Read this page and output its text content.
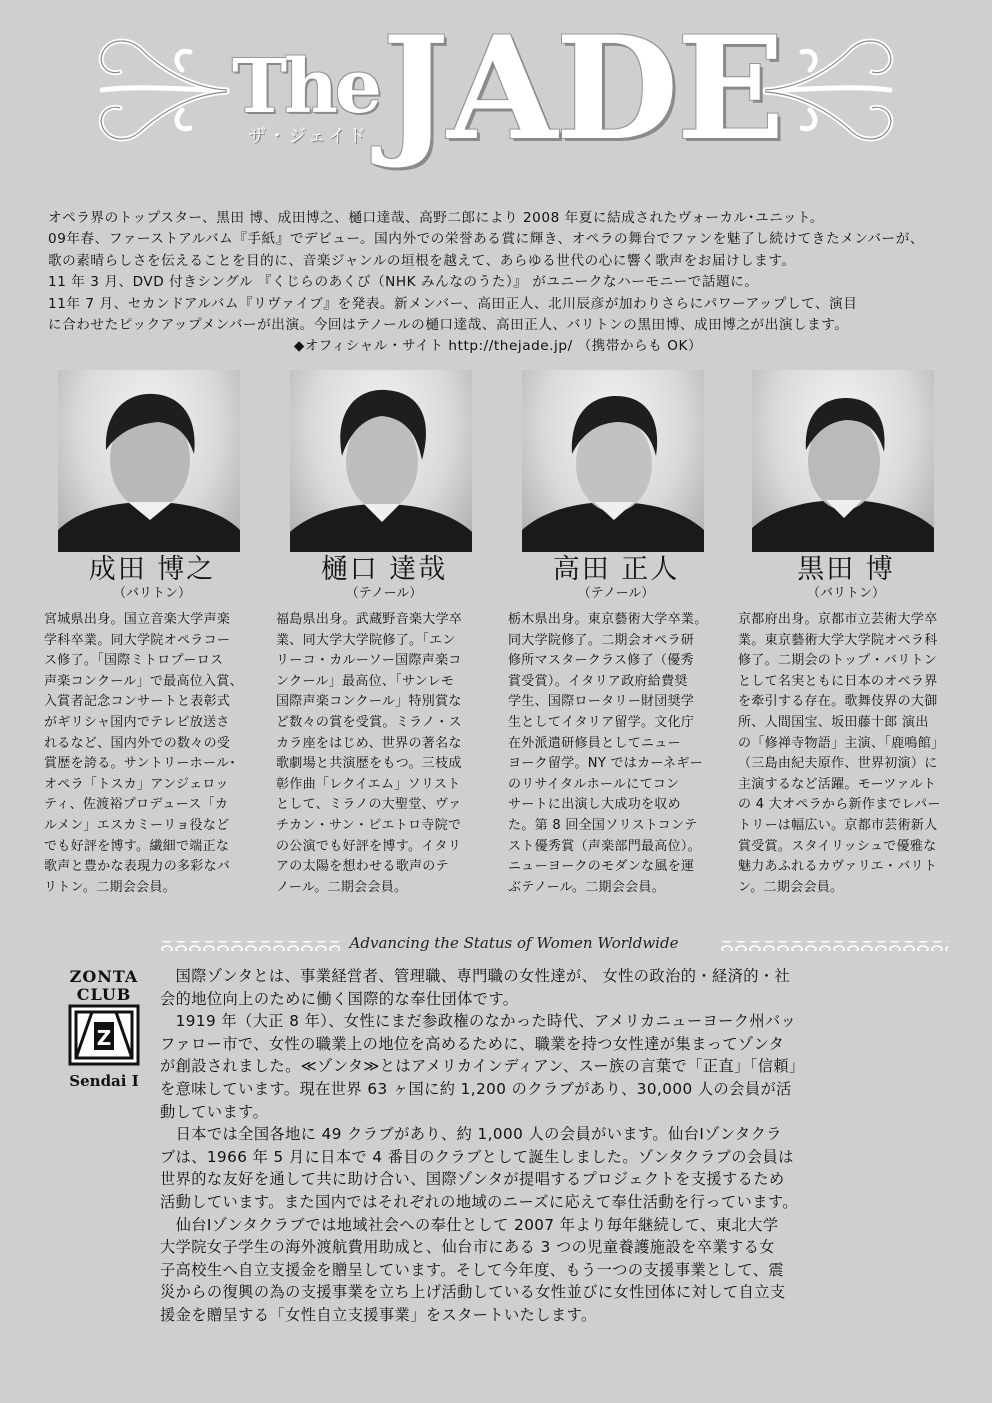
The JADE
ザ・ジェイド

オペラ界のトップスター、黒田 博、成田博之、樋口達哉、高野二郎により 2008 年夏に結成されたヴォーカル･ユニット。

09年春、ファーストアルバム『手紙』でデビュー。国内外での栄誉ある賞に輝き、オペラの舞台でファンを魅了し続けてきたメンバーが、

歌の素晴らしさを伝えることを目的に、音楽ジャンルの垣根を越えて、あらゆる世代の心に響く歌声をお届けします。

11 年 3 月、DVD 付きシングル 『くじらのあくび（NHK みんなのうた）』 がユニークなハーモニーで話題に。

11年 7 月、セカンドアルバム『リヴァイブ』を発表。新メンバー、高田正人、北川辰彦が加わりさらにパワーアップして、演目

に合わせたピックアップメンバーが出演。今回はテノールの樋口達哉、高田正人、バリトンの黒田博、成田博之が出演します。

◆オフィシャル・サイト http://thejade.jp/ （携帯からも OK）

成田 博之
（バリトン）
宮城県出身。国立音楽大学声楽
学科卒業。同大学院オペラコー
ス修了。「国際ミトロプーロス
声楽コンクール」で最高位入賞、
入賞者記念コンサートと表彰式
がギリシャ国内でテレビ放送さ
れるなど、国内外での数々の受
賞歴を誇る。サントリーホール･
オペラ「トスカ」アンジェロッ
ティ、佐渡裕プロデュース「カ
ルメン」エスカミーリョ役など
でも好評を博す。繊細で端正な
歌声と豊かな表現力の多彩なバ
リトン。二期会会員。
樋口 達哉
（テノール）
福島県出身。武蔵野音楽大学卒
業、同大学大学院修了。「エン
リーコ・カルーソー国際声楽コ
ンクール」最高位、「サンレモ
国際声楽コンクール」特別賞な
ど数々の賞を受賞。ミラノ・ス
カラ座をはじめ、世界の著名な
歌劇場と共演歴をもつ。三枝成
彰作曲「レクイエム」ソリスト
として、ミラノの大聖堂、ヴァ
チカン・サン・ピエトロ寺院で
の公演でも好評を博す。イタリ
アの太陽を想わせる歌声のテ
ノール。二期会会員。
高田 正人
（テノール）
栃木県出身。東京藝術大学卒業。
同大学院修了。二期会オペラ研
修所マスタークラス修了（優秀
賞受賞）。イタリア政府給費奨
学生、国際ロータリー財団奨学
生としてイタリア留学。文化庁
在外派遣研修員としてニュー
ヨーク留学。NY ではカーネギー
のリサイタルホールにてコン
サートに出演し大成功を収め
た。第 8 回全国ソリストコンテ
スト優秀賞（声楽部門最高位）。
ニューヨークのモダンな風を運
ぶテノール。二期会会員。
黒田 博
（バリトン）
京都府出身。京都市立芸術大学卒
業。東京藝術大学大学院オペラ科
修了。二期会のトップ・バリトン
として名実ともに日本のオペラ界
を牽引する存在。歌舞伎界の大御
所、人間国宝、坂田藤十郎 演出
の「修禅寺物語」主演、「鹿鳴館」
（三島由紀夫原作、世界初演）に
主演するなど活躍。モーツァルト
の 4 大オペラから新作までレパー
トリーは幅広い。京都市芸術新人
賞受賞。スタイリッシュで優雅な
魅力あふれるカヴァリエ・バリト
ン。二期会会員。
Advancing the Status of Women Worldwide
ZONTA
CLUB
Z
Sendai Ⅰ

　国際ゾンタとは、事業経営者、管理職、専門職の女性達が、 女性の政治的・経済的・社

会的地位向上のために働く国際的な奉仕団体です。

　1919 年（大正 8 年）、女性にまだ参政権のなかった時代、アメリカニューヨーク州バッ

ファロー市で、女性の職業上の地位を高めるために、職業を持つ女性達が集まってゾンタ

が創設されました。≪ゾンタ≫とはアメリカインディアン、スー族の言葉で「正直」「信頼」

を意味しています。現在世界 63 ヶ国に約 1,200 のクラブがあり、30,000 人の会員が活

動しています。

　日本では全国各地に 49 クラブがあり、約 1,000 人の会員がいます。仙台Ⅰゾンタクラ

ブは、1966 年 5 月に日本で 4 番目のクラブとして誕生しました。ゾンタクラブの会員は

世界的な友好を通して共に助け合い、国際ゾンタが提唱するプロジェクトを支援するため

活動しています。また国内ではそれぞれの地域のニーズに応えて奉仕活動を行っています。

　仙台Ⅰゾンタクラブでは地域社会への奉仕として 2007 年より毎年継続して、東北大学

大学院女子学生の海外渡航費用助成と、仙台市にある 3 つの児童養護施設を卒業する女

子高校生へ自立支援金を贈呈しています。そして今年度、もう一つの支援事業として、震

災からの復興の為の支援事業を立ち上げ活動している女性並びに女性団体に対して自立支

援金を贈呈する「女性自立支援事業」をスタートいたします。
